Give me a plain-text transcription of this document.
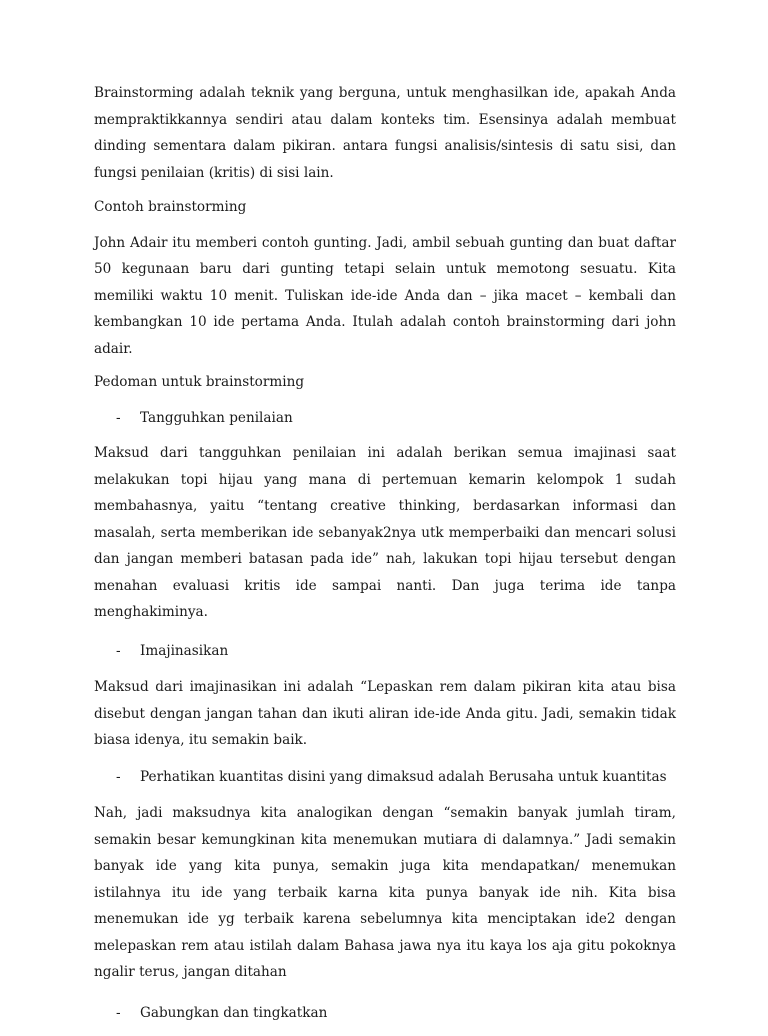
Brainstorming adalah teknik yang berguna, untuk menghasilkan ide, apakah Anda mempraktikkannya sendiri atau dalam konteks tim. Esensinya adalah membuat dinding sementara dalam pikiran. antara fungsi analisis/sintesis di satu sisi, dan fungsi penilaian (kritis) di sisi lain.

Contoh brainstorming

John Adair itu memberi contoh gunting. Jadi, ambil sebuah gunting dan buat daftar 50 kegunaan baru dari gunting tetapi selain untuk memotong sesuatu. Kita memiliki waktu 10 menit. Tuliskan ide-ide Anda dan – jika macet – kembali dan kembangkan 10 ide pertama Anda. Itulah adalah contoh brainstorming dari john adair.

Pedoman untuk brainstorming

-	Tangguhkan penilaian

Maksud dari tangguhkan penilaian ini adalah berikan semua imajinasi saat melakukan topi hijau yang mana di pertemuan kemarin kelompok 1 sudah membahasnya, yaitu “tentang creative thinking, berdasarkan informasi dan masalah, serta memberikan ide sebanyak2nya utk memperbaiki dan mencari solusi dan jangan memberi batasan pada ide” nah, lakukan topi hijau tersebut dengan menahan evaluasi kritis ide sampai nanti. Dan juga terima ide tanpa menghakiminya.

-	Imajinasikan

Maksud dari imajinasikan ini adalah “Lepaskan rem dalam pikiran kita atau bisa disebut dengan jangan tahan dan ikuti aliran ide-ide Anda gitu. Jadi, semakin tidak biasa idenya, itu semakin baik.

-	Perhatikan kuantitas disini yang dimaksud adalah Berusaha untuk kuantitas

Nah, jadi maksudnya kita analogikan dengan “semakin banyak jumlah tiram, semakin besar kemungkinan kita menemukan mutiara di dalamnya.” Jadi semakin banyak ide yang kita punya, semakin juga kita mendapatkan/ menemukan istilahnya itu ide yang terbaik karna kita punya banyak ide nih. Kita bisa menemukan ide yg terbaik karena sebelumnya kita menciptakan ide2 dengan melepaskan rem atau istilah dalam Bahasa jawa nya itu kaya los aja gitu pokoknya ngalir terus, jangan ditahan

-	Gabungkan dan tingkatkan
